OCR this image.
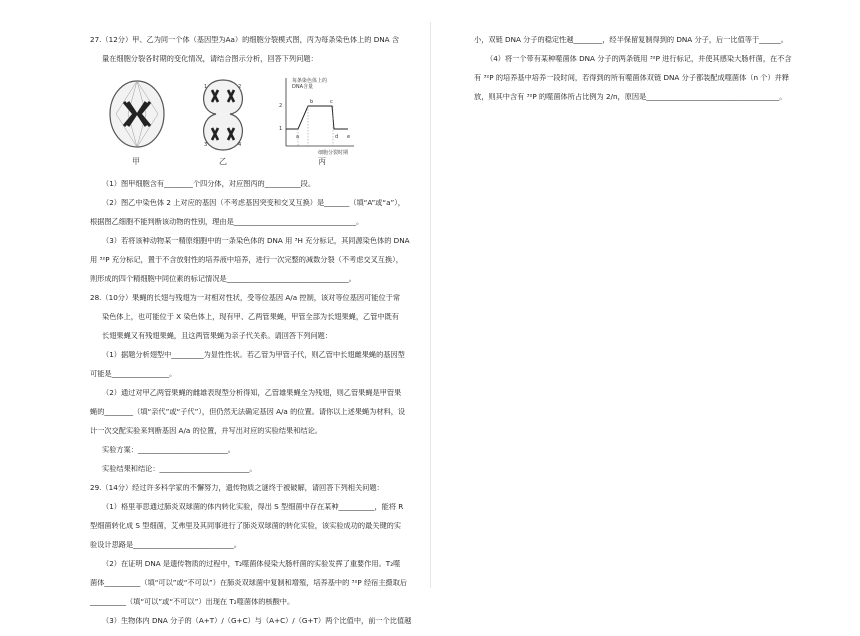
27.（12分）甲、乙为同一个体（基因型为Aa）的细胞分裂模式图，丙为每条染色体上的 DNA 含
量在细胞分裂各时期的变化情况，请结合图示分析，回答下列问题：
甲
1	2
3	4
乙
每条染色体上的
DNA含量
2
1
a
b	c
d e
细胞分裂时期
丙
（1）图甲细胞含有________个四分体，对应图丙的__________段。
（2）图乙中染色体 2 上对应的基因（不考虑基因突变和交叉互换）是_______（填“A”或“a”），
根据图乙细胞不能判断该动物的性别，理由是__________________________________。
（3）若将该种动物某一精原细胞中的一条染色体的 DNA 用 ³H 充分标记，其同源染色体的 DNA
用 ³²P 充分标记，置于不含放射性的培养液中培养，进行一次完整的减数分裂（不考虑交叉互换），
则形成的四个精细胞中同位素的标记情况是__________________________________。
28.（10分）果蝇的长翅与残翅为一对相对性状，受等位基因 A/a 控制，该对等位基因可能位于常
染色体上，也可能位于 X 染色体上，现有甲、乙两管果蝇，甲管全部为长翅果蝇，乙管中既有
长翅果蝇又有残翅果蝇，且这两管果蝇为亲子代关系。请回答下列问题：
（1）据题分析翅型中_________为显性性状。若乙管为甲管子代，则乙管中长翅雌果蝇的基因型
可能是________________。
（2）通过对甲乙两管果蝇的雌雄表现型分析得知，乙管雄果蝇全为残翅，则乙管果蝇是甲管果
蝇的________（填“亲代”或“子代”），但仍然无法确定基因 A/a 的位置。请你以上述果蝇为材料，设
计一次交配实验来判断基因 A/a 的位置，并写出对应的实验结果和结论。
实验方案：_________________________。
实验结果和结论：_________________________。
29.（14分）经过许多科学家的不懈努力，遗传物质之谜终于被破解，请回答下列相关问题：
（1）格里菲思通过肺炎双球菌的体内转化实验，得出 S 型细菌中存在某种__________，能将 R
型细菌转化成 S 型细菌，艾弗里及其同事进行了肺炎双球菌的转化实验，该实验成功的最关键的实
验设计思路是____________________________。
（2）在证明 DNA 是遗传物质的过程中，T₂噬菌体侵染大肠杆菌的实验发挥了重要作用。T₂噬
菌体__________（填“可以”或“不可以”）在肺炎双球菌中复制和增殖，培养基中的 ³²P 经宿主摄取后
__________（填“可以”或“不可以”）出现在 T₂噬菌体的核酸中。
（3）生物体内 DNA 分子的（A+T）/（G+C）与（A+C）/（G+T）两个比值中，前一个比值越
小，双链 DNA 分子的稳定性越________，经半保留复制得到的 DNA 分子，后一比值等于______。
（4）将一个带有某种噬菌体 DNA 分子的两条链用 ³²P 进行标记，并使其感染大肠杆菌，在不含
有 ³²P 的培养基中培养一段时间，若得到的所有噬菌体双链 DNA 分子都装配成噬菌体（n 个）并释
放，则其中含有 ³²P 的噬菌体所占比例为 2/n，原因是_____________________________________。
